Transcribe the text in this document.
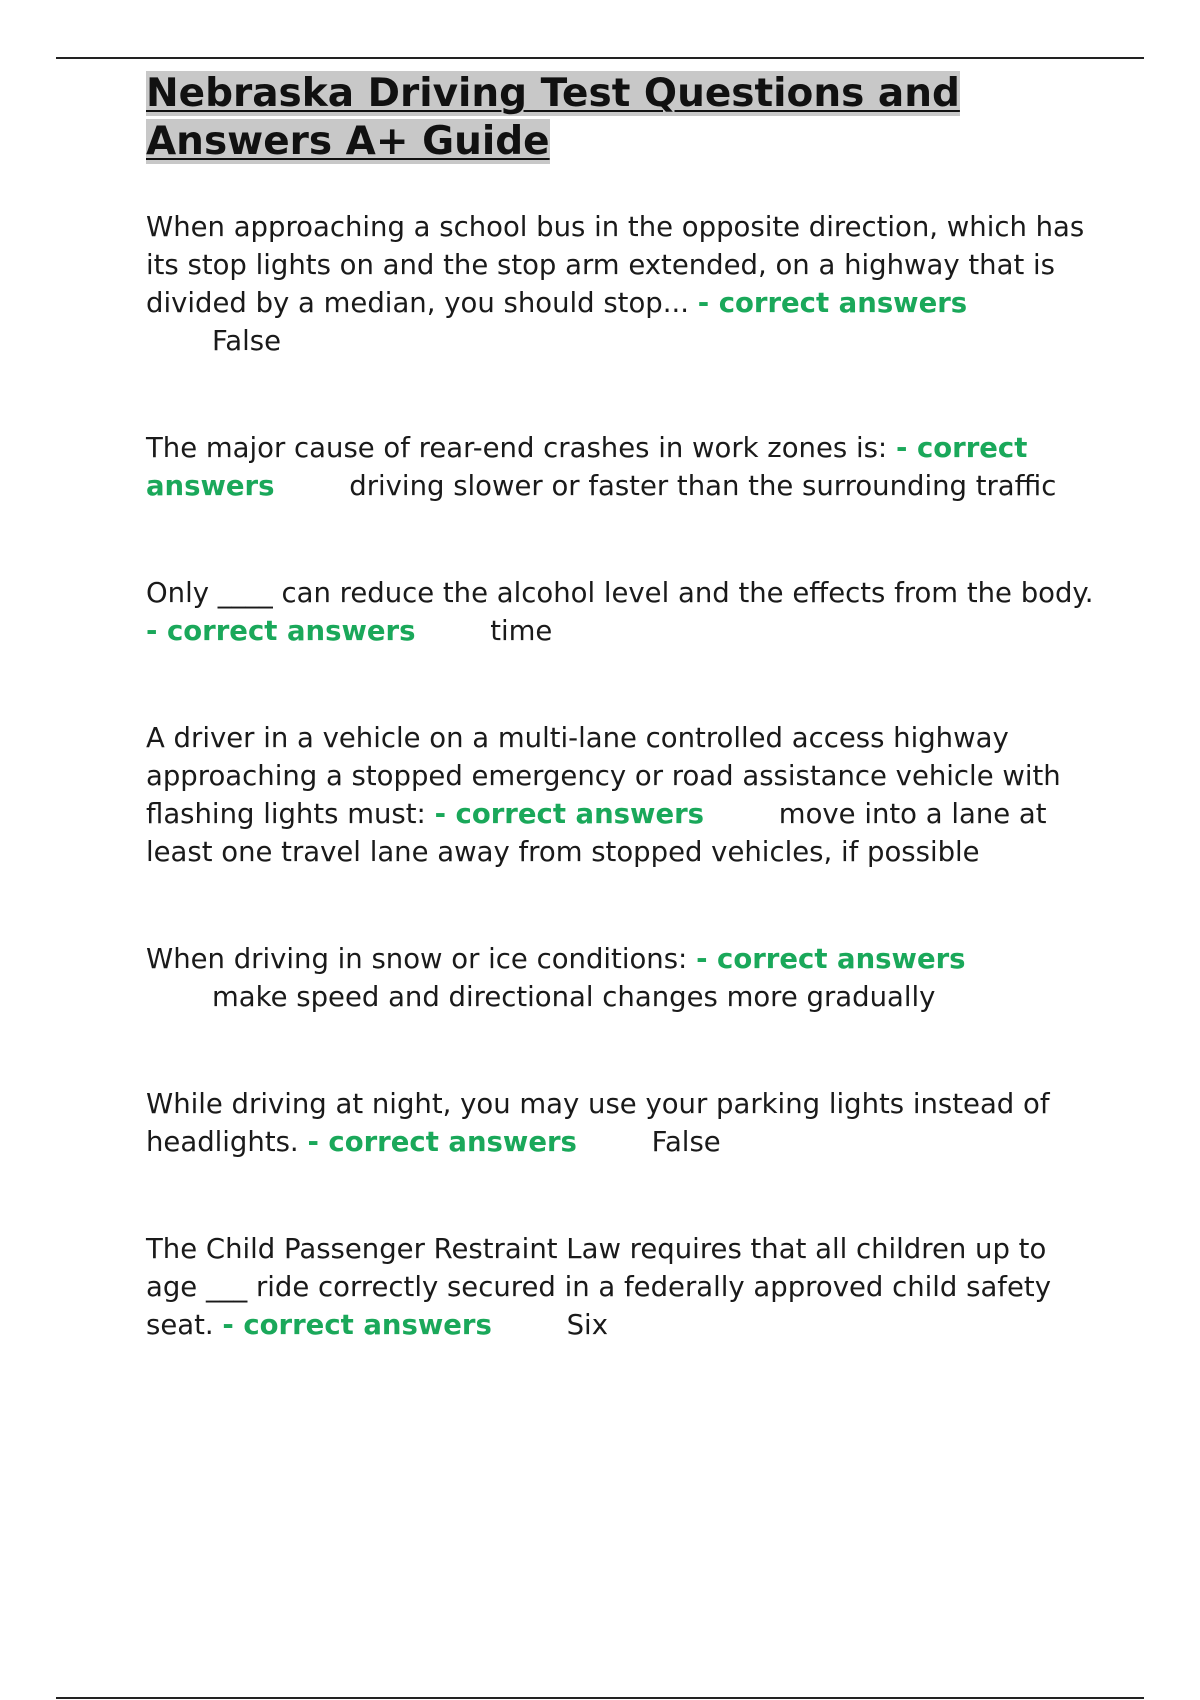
Nebraska Driving Test Questions and Answers A+ Guide

When approaching a school bus in the opposite direction, which has its stop lights on and the stop arm extended, on a highway that is divided by a median, you should stop... - correct answers False

The major cause of rear-end crashes in work zones is: - correct answers	driving slower or faster than the surrounding traffic

Only ____ can reduce the alcohol level and the effects from the body. - correct answers	time

A driver in a vehicle on a multi-lane controlled access highway approaching a stopped emergency or road assistance vehicle with flashing lights must: - correct answers	move into a lane at least one travel lane away from stopped vehicles, if possible

When driving in snow or ice conditions: - correct answers make speed and directional changes more gradually

While driving at night, you may use your parking lights instead of headlights. - correct answers	False

The Child Passenger Restraint Law requires that all children up to age ___ ride correctly secured in a federally approved child safety seat. - correct answers	Six
